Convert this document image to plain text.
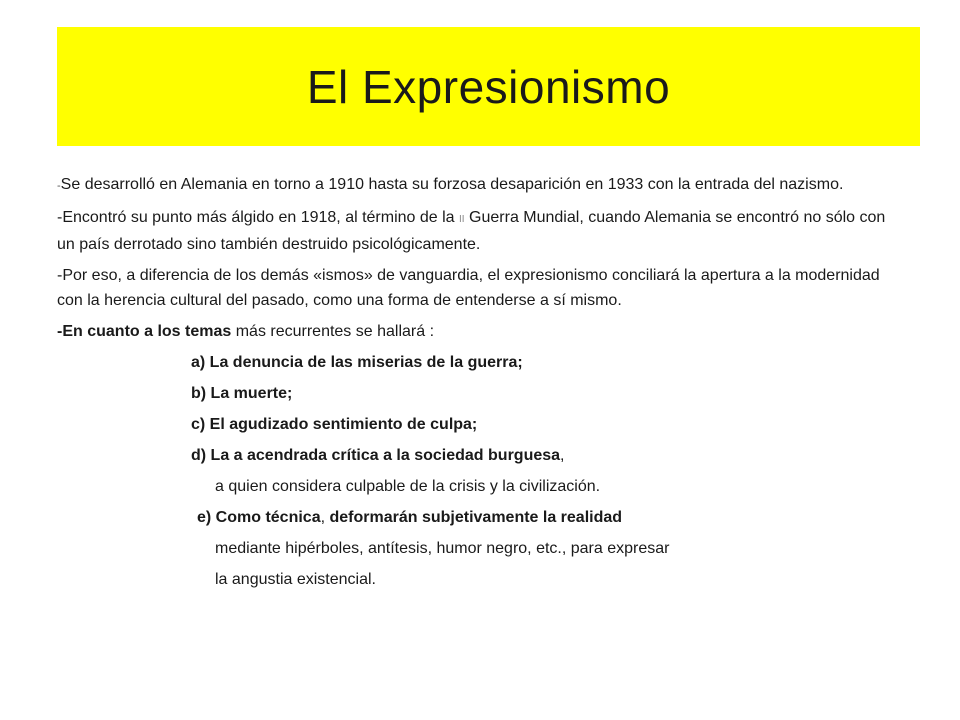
El Expresionismo

-Se desarrolló en Alemania en torno a 1910 hasta su forzosa desaparición en 1933 con la entrada del nazismo.

-Encontró su punto más álgido en 1918, al término de la II Guerra Mundial, cuando Alemania se encontró no sólo con un país derrotado sino también destruido psicológicamente.

-Por eso, a diferencia de los demás «ismos» de vanguardia, el expresionismo conciliará la apertura a la modernidad con la herencia cultural del pasado, como una forma de entenderse a sí mismo.

-En cuanto a los temas más recurrentes se hallará :

a) La denuncia de las miserias de la guerra;
b) La muerte;
c) El agudizado sentimiento de culpa;
d) La a acendrada crítica a la sociedad burguesa,
a quien considera culpable de la crisis y la civilización.
e) Como técnica, deformarán subjetivamente la realidad
mediante hipérboles, antítesis, humor negro, etc., para expresar
la angustia existencial.
